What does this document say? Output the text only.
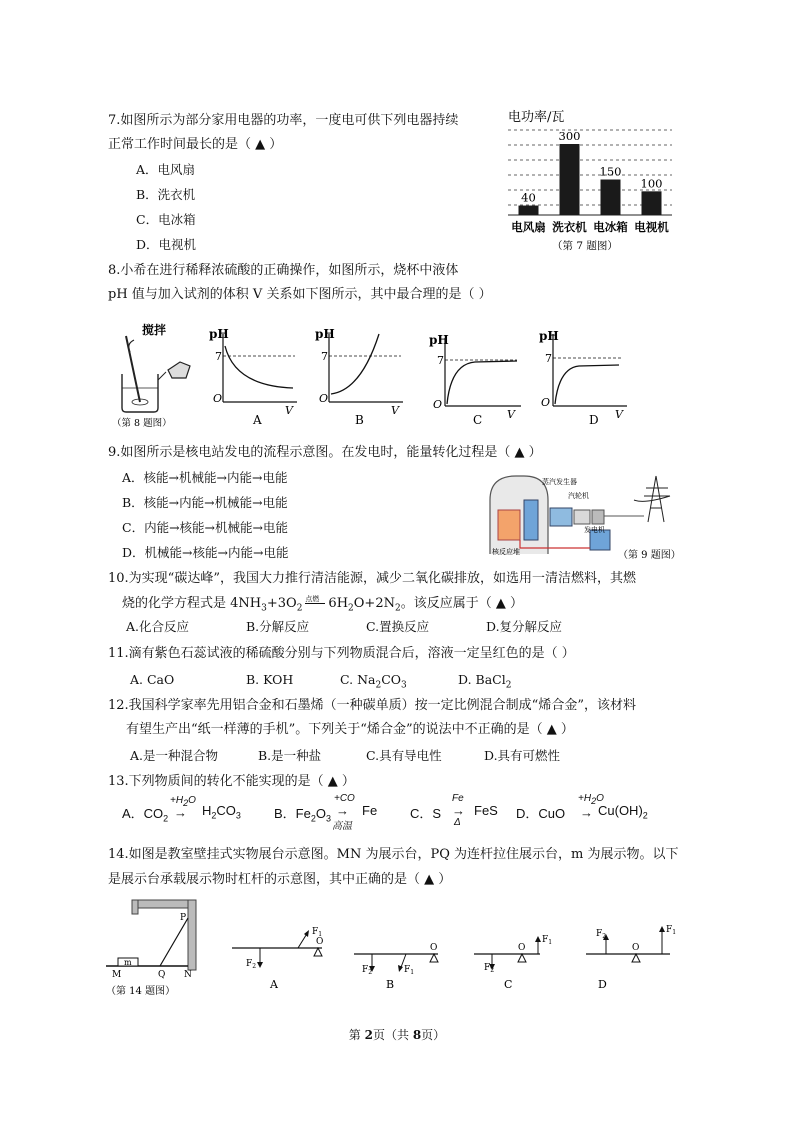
7.如图所示为部分家用电器的功率，一度电可供下列电器持续
正常工作时间最长的是（ ▲ ）
A．电风扇
B．洗衣机
C．电冰箱
D．电视机
电功率/瓦
40
300
150
100
电风扇 洗衣机 电冰箱 电视机
（第 7 题图）
8.小希在进行稀释浓硫酸的正确操作，如图所示，烧杯中液体
pH 值与加入试剂的体积 V 关系如下图所示，其中最合理的是（ ）
搅拌
（第 8 题图）
pH
7
O
V
A
pH
7
O
V
B
pH
7
O
V
C
pH
7
O
V
D
9.如图所示是核电站发电的流程示意图。在发电时，能量转化过程是（ ▲ ）
A．核能→机械能→内能→电能
B．核能→内能→机械能→电能
C．内能→核能→机械能→电能
D．机械能→核能→内能→电能
蒸汽发生器
汽轮机
发电机
核反应堆	（第 9 题图）
10.为实现“碳达峰”，我国大力推行清洁能源，减少二氧化碳排放，如选用一清洁燃料，其燃
烧的化学方程式是 $4NH_3+3O_2$
点燃 $6H_2O+2N_2$。该反应属于（ ▲ ）
A.化合反应	B.分解反应	C.置换反应	D.复分解反应
11.滴有紫色石蕊试液的稀硫酸分别与下列物质混合后，溶液一定呈红色的是（ ）
A. CaO	B. KOH	C. $Na_2CO_3$	D. BaCl$_2$
12.我国科学家率先用铝合金和石墨烯（一种碳单质）按一定比例混合制成“烯合金”，该材料
有望生产出“纸一样薄的手机”。下列关于“烯合金”的说法中不正确的是（ ▲ ）
A.是一种混合物	B.是一种盐	C.具有导电性	D.具有可燃性
13.下列物质间的转化不能实现的是（ ▲ ）
A．$CO_2$
$+H_2O$
→ $H_2CO_3$	B．$Fe_2O_3$
+CO
→
高温
Fe	C．S
Fe
→
Δ
FeS D．CuO
$+H_2O$
→ $Cu(OH)_2$
14.如图是教室壁挂式实物展台示意图。MN 为展示台，PQ 为连杆拉住展示台，m 为展示物。以下
是展示台承载展示物时杠杆的示意图，其中正确的是（ ▲ ）
m
P
M	Q N
（第 14 题图）
$F_1$
$F_2$
O
A
$F_2$	$F_1$
O
B
$F_1$
$F_2$
O
C
$F_2$
$F_1$
O
D
第 2页（共 8页）
